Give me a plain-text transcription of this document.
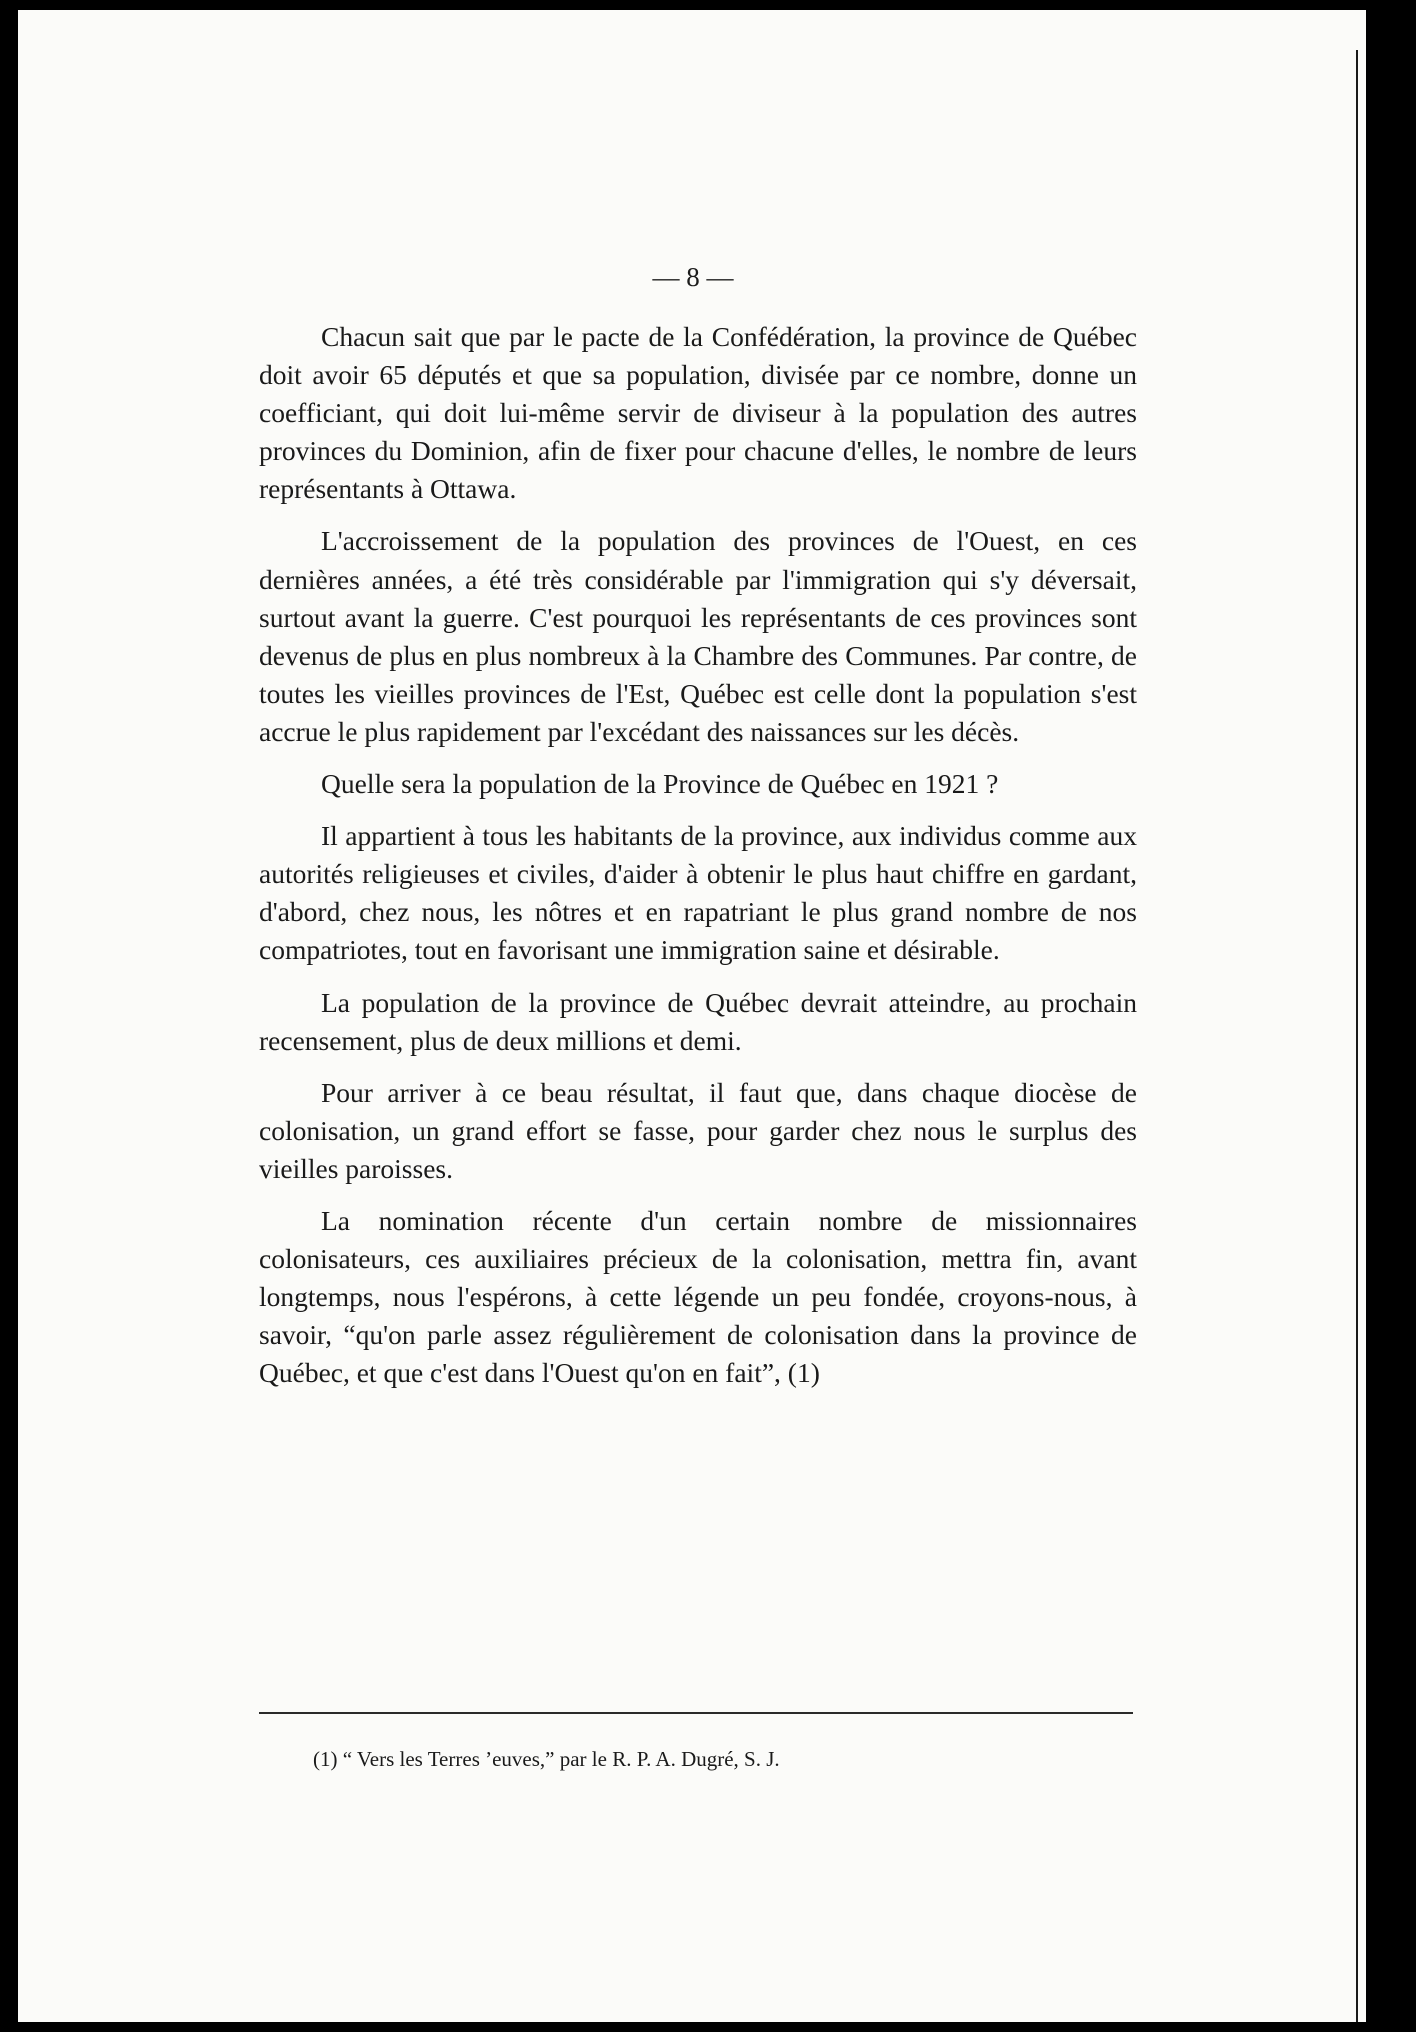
— 8 —

Chacun sait que par le pacte de la Confédération, la province de Québec doit avoir 65 députés et que sa population, divisée par ce nombre, donne un coefficiant, qui doit lui-même servir de diviseur à la population des autres provinces du Dominion, afin de fixer pour chacune d'elles, le nombre de leurs représentants à Ottawa.

L'accroissement de la population des provinces de l'Ouest, en ces dernières années, a été très considérable par l'immigration qui s'y déversait, surtout avant la guerre. C'est pourquoi les représentants de ces provinces sont devenus de plus en plus nombreux à la Chambre des Communes. Par contre, de toutes les vieilles provinces de l'Est, Québec est celle dont la population s'est accrue le plus rapidement par l'excédant des naissances sur les décès.

Quelle sera la population de la Province de Québec en 1921 ?

Il appartient à tous les habitants de la province, aux individus comme aux autorités religieuses et civiles, d'aider à obtenir le plus haut chiffre en gardant, d'abord, chez nous, les nôtres et en rapatriant le plus grand nombre de nos compatriotes, tout en favorisant une immigration saine et désirable.

La population de la province de Québec devrait atteindre, au prochain recensement, plus de deux millions et demi.

Pour arriver à ce beau résultat, il faut que, dans chaque diocèse de colonisation, un grand effort se fasse, pour garder chez nous le surplus des vieilles paroisses.

La nomination récente d'un certain nombre de missionnaires colonisateurs, ces auxiliaires précieux de la colonisation, mettra fin, avant longtemps, nous l'espérons, à cette légende un peu fondée, croyons-nous, à savoir, “qu'on parle assez régulièrement de colonisation dans la province de Québec, et que c'est dans l'Ouest qu'on en fait”, (1)

(1) “ Vers les Terres ’euves,” par le R. P. A. Dugré, S. J.
